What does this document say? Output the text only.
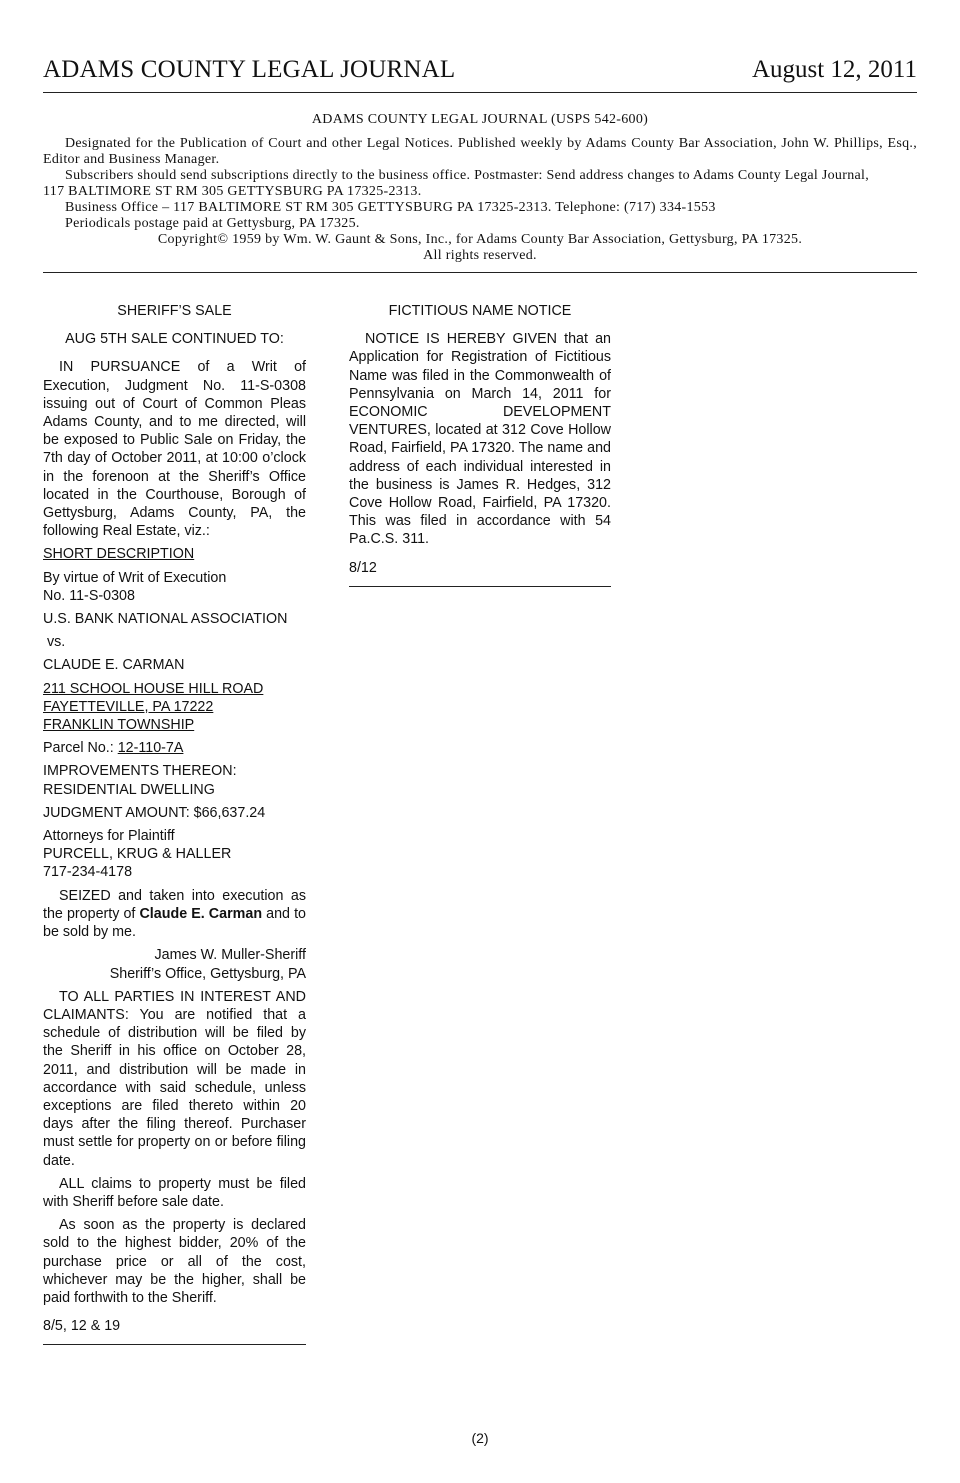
ADAMS COUNTY LEGAL JOURNAL	August 12, 2011
ADAMS COUNTY LEGAL JOURNAL (USPS 542-600)
Designated for the Publication of Court and other Legal Notices. Published weekly by Adams County Bar Association, John W. Phillips, Esq., Editor and Business Manager.
Subscribers should send subscriptions directly to the business office. Postmaster: Send address changes to Adams County Legal Journal,
117 BALTIMORE ST RM 305 GETTYSBURG PA 17325-2313.
Business Office – 117 BALTIMORE ST RM 305 GETTYSBURG PA 17325-2313. Telephone: (717) 334-1553
Periodicals postage paid at Gettysburg, PA 17325.
Copyright© 1959 by Wm. W. Gaunt & Sons, Inc., for Adams County Bar Association, Gettysburg, PA 17325.
All rights reserved.

SHERIFF’S SALE

AUG 5TH SALE CONTINUED TO:

IN PURSUANCE of a Writ of Execution, Judgment No. 11-S-0308 issuing out of Court of Common Pleas Adams County, and to me directed, will be exposed to Public Sale on Friday, the 7th day of October 2011, at 10:00 o’clock in the forenoon at the Sheriff’s Office located in the Courthouse, Borough of Gettysburg, Adams County, PA, the following Real Estate, viz.:

SHORT DESCRIPTION

By virtue of Writ of Execution

No. 11-S-0308

U.S. BANK NATIONAL ASSOCIATION

vs.

CLAUDE E. CARMAN

211 SCHOOL HOUSE HILL ROAD

FAYETTEVILLE, PA 17222

FRANKLIN TOWNSHIP

Parcel No.: 12-110-7A

IMPROVEMENTS THEREON:

RESIDENTIAL DWELLING

JUDGMENT AMOUNT: $66,637.24

Attorneys for Plaintiff

PURCELL, KRUG & HALLER

717-234-4178

SEIZED and taken into execution as the property of Claude E. Carman and to be sold by me.

James W. Muller-Sheriff

Sheriff’s Office, Gettysburg, PA

TO ALL PARTIES IN INTEREST AND CLAIMANTS: You are notified that a schedule of distribution will be filed by the Sheriff in his office on October 28, 2011, and distribution will be made in accordance with said schedule, unless exceptions are filed thereto within 20 days after the filing thereof. Purchaser must settle for property on or before filing date.

ALL claims to property must be filed with Sheriff before sale date.

As soon as the property is declared sold to the highest bidder, 20% of the purchase price or all of the cost, whichever may be the higher, shall be paid forthwith to the Sheriff.

8/5, 12 & 19

FICTITIOUS NAME NOTICE

NOTICE IS HEREBY GIVEN that an Application for Registration of Fictitious Name was filed in the Commonwealth of Pennsylvania on March 14, 2011 for ECONOMIC DEVELOPMENT VENTURES, located at 312 Cove Hollow Road, Fairfield, PA 17320. The name and address of each individual interested in the business is James R. Hedges, 312 Cove Hollow Road, Fairfield, PA 17320. This was filed in accordance with 54 Pa.C.S. 311.

8/12

(2)
